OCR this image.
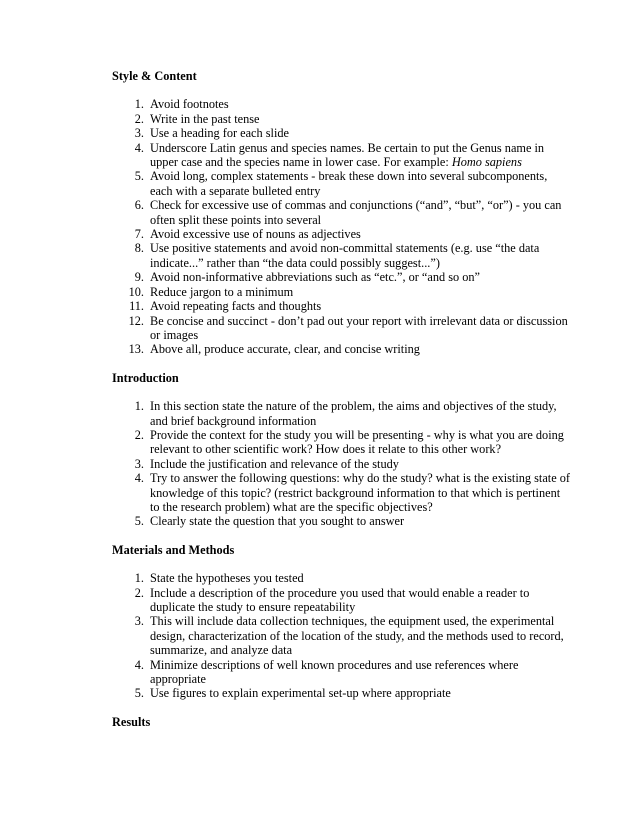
Style & Content

1. Avoid footnotes
2. Write in the past tense
3. Use a heading for each slide
4. Underscore Latin genus and species names. Be certain to put the Genus name in upper case and the species name in lower case. For example: Homo sapiens
5. Avoid long, complex statements - break these down into several subcomponents, each with a separate bulleted entry
6. Check for excessive use of commas and conjunctions (“and”, “but”, “or”) - you can often split these points into several
7. Avoid excessive use of nouns as adjectives
8. Use positive statements and avoid non-committal statements (e.g. use “the data indicate...” rather than “the data could possibly suggest...”)
9. Avoid non-informative abbreviations such as “etc.”, or “and so on”
10. Reduce jargon to a minimum
11. Avoid repeating facts and thoughts
12. Be concise and succinct - don’t pad out your report with irrelevant data or discussion or images
13. Above all, produce accurate, clear, and concise writing

Introduction

1. In this section state the nature of the problem, the aims and objectives of the study, and brief background information
2. Provide the context for the study you will be presenting - why is what you are doing relevant to other scientific work? How does it relate to this other work?
3. Include the justification and relevance of the study
4. Try to answer the following questions: why do the study? what is the existing state of knowledge of this topic? (restrict background information to that which is pertinent to the research problem) what are the specific objectives?
5. Clearly state the question that you sought to answer

Materials and Methods

1. State the hypotheses you tested
2. Include a description of the procedure you used that would enable a reader to duplicate the study to ensure repeatability
3. This will include data collection techniques, the equipment used, the experimental design, characterization of the location of the study, and the methods used to record, summarize, and analyze data
4. Minimize descriptions of well known procedures and use references where appropriate
5. Use figures to explain experimental set-up where appropriate

Results
